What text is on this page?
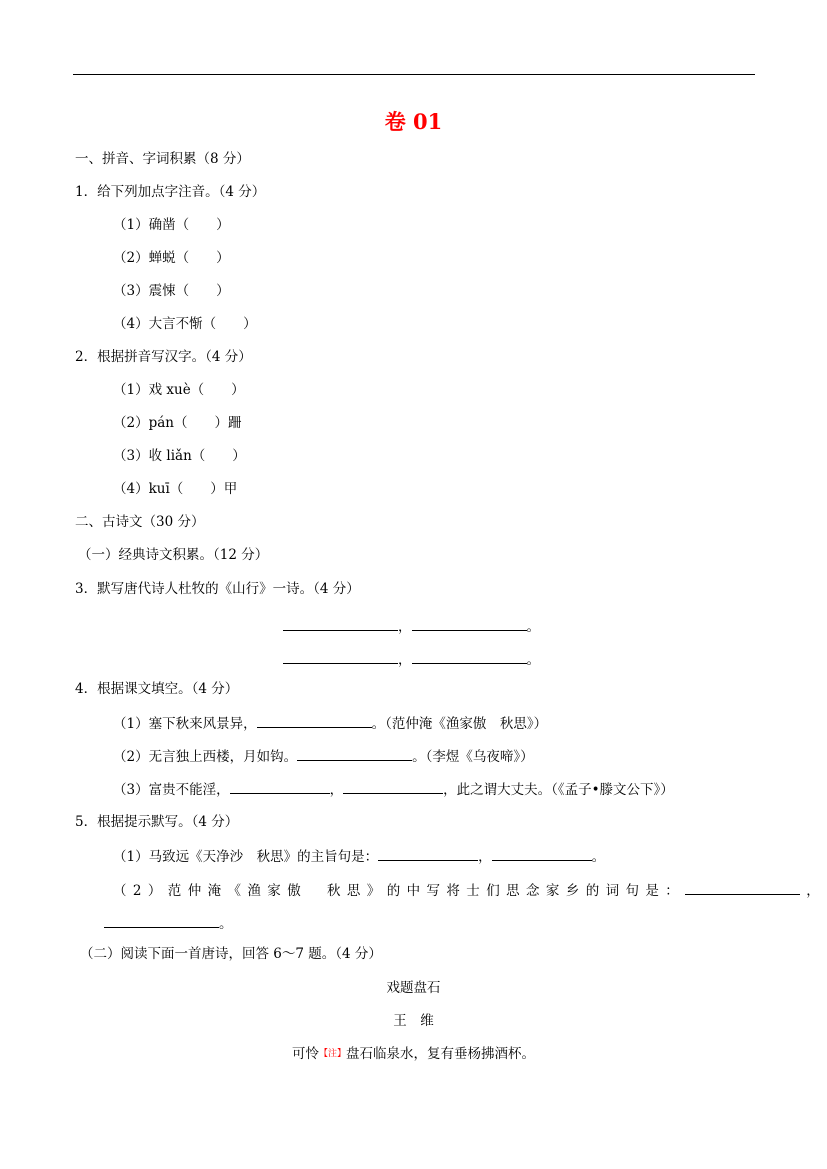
卷 01
一、拼音、字词积累（8 分）
1．给下列加点字注音。（4 分）
（1）确凿（　　）
（2）蝉蜕（　　）
（3）震悚（　　）
（4）大言不惭（　　）
2．根据拼音写汉字。（4 分）
（1）戏 xuè（　　）
（2）pán（　　）跚
（3）收 liǎn（　　）
（4）kuī（　　）甲
二、古诗文（30 分）
（一）经典诗文积累。（12 分）
3．默写唐代诗人杜牧的《山行》一诗。（4 分）
，	。
，	。
4．根据课文填空。（4 分）
（1）塞下秋来风景异，	。（范仲淹《渔家傲　秋思》）
（2）无言独上西楼，月如钩。	。（李煜《乌夜啼》）
（3）富贵不能淫，	，	，此之谓大丈夫。（《孟子•滕文公下》）
5．根据提示默写。（4 分）
（1）马致远《天净沙　秋思》的主旨句是：	，	。
（2）范仲淹《渔家傲　秋思》的中写将士们思念家乡的词句是：	，
。
（二）阅读下面一首唐诗，回答 6～7 题。（4 分）
戏题盘石
王　维
可怜【注】盘石临泉水，复有垂杨拂酒杯。
